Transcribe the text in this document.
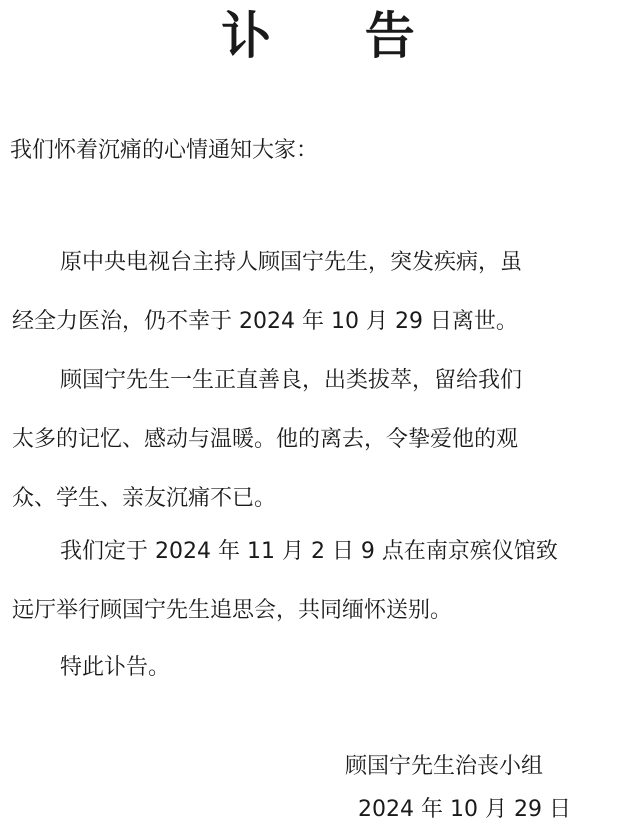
讣 告
我们怀着沉痛的心情通知大家：
原中央电视台主持人顾国宁先生，突发疾病，虽
经全力医治，仍不幸于 2024 年 10 月 29 日离世。
顾国宁先生一生正直善良，出类拔萃，留给我们
太多的记忆、感动与温暖。他的离去，令挚爱他的观
众、学生、亲友沉痛不已。
我们定于 2024 年 11 月 2 日 9 点在南京殡仪馆致
远厅举行顾国宁先生追思会，共同缅怀送别。
特此讣告。
顾国宁先生治丧小组
2024 年 10 月 29 日
